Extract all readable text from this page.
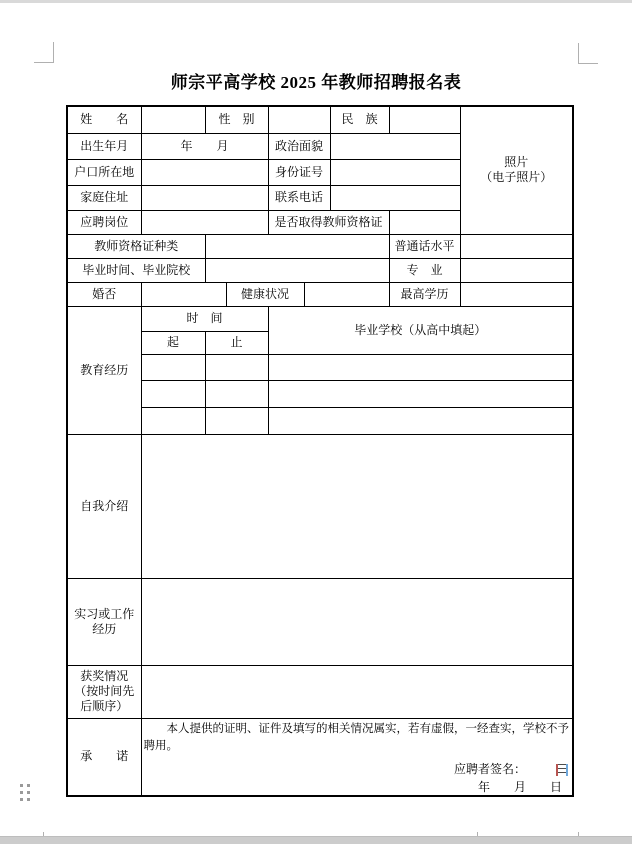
师宗平高学校 2025 年教师招聘报名表
姓　　名		性　别				民　族		照片
（电子照片）
出生年月	年　　月			政治面貌				
户口所在地				身份证号				
家庭住址				联系电话				
应聘岗位				是否取得教师资格证				
教师资格证种类							普通话水平	
毕业时间、毕业院校							专　业	
婚否			健康状况				最高学历	
教育经历	时　间			毕业学校（从高中填起）				
	起	止						

自我介绍								
实习或工作经历								
获奖情况（按时间先后顺序）								
承　　诺	本人提供的证明、证件及填写的相关情况属实，若有虚假，一经查实，学校不予聘用。
应聘者签名：
年　　月　　日							
